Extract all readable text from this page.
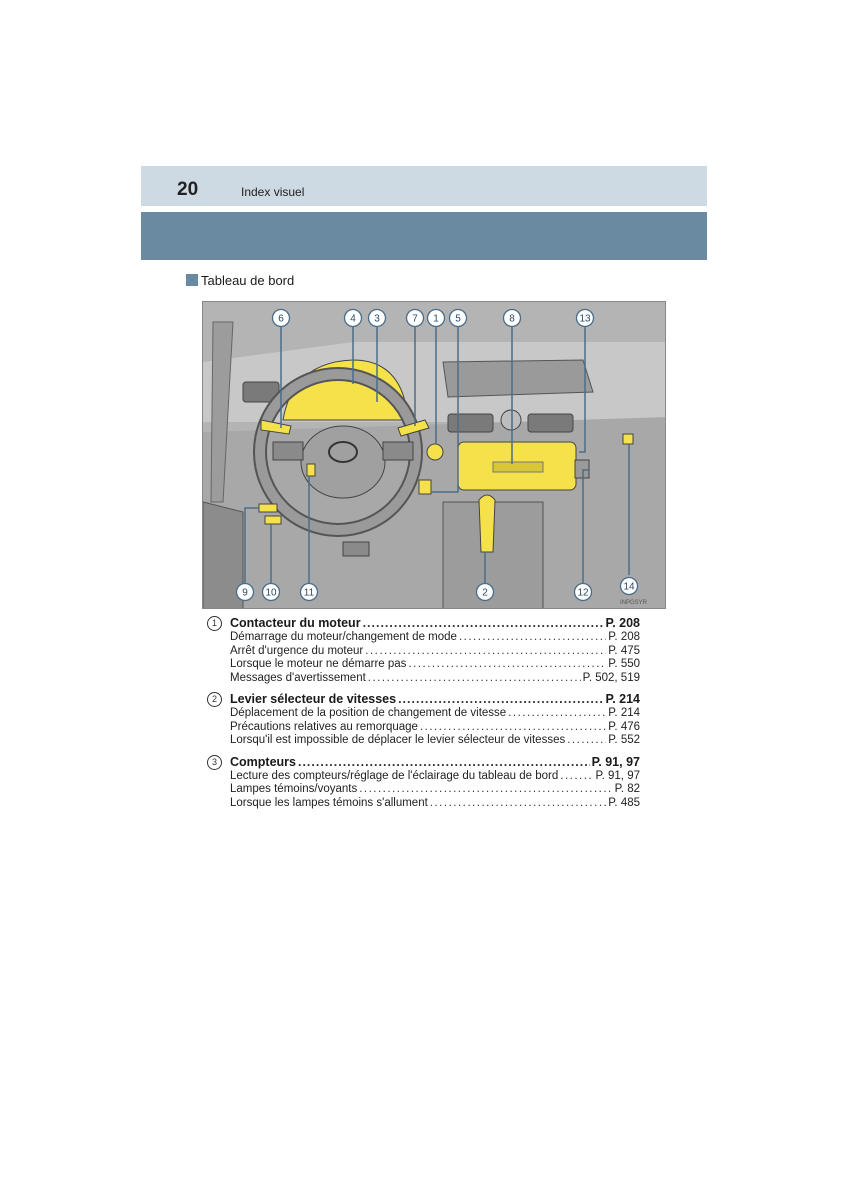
20	Index visuel
Tableau de bord
6	4 3	7 1 5	8	13
9 10	11	2	12
14
INPGSYR
1	Contacteur du moteur .....	P. 208
Démarrage du moteur/changement de mode .....	P. 208
Arrêt d'urgence du moteur .....	P. 475
Lorsque le moteur ne démarre pas .....	P. 550
Messages d'avertissement .....	P. 502, 519
2	Levier sélecteur de vitesses .....	P. 214
Déplacement de la position de changement de vitesse .....	P. 214
Précautions relatives au remorquage .....	P. 476
Lorsqu'il est impossible de déplacer le levier sélecteur de vitesses .....	P. 552
3	Compteurs .....	P. 91, 97
Lecture des compteurs/réglage de l'éclairage du tableau de bord .....	P. 91, 97
Lampes témoins/voyants .....	P. 82
Lorsque les lampes témoins s'allument .....	P. 485
